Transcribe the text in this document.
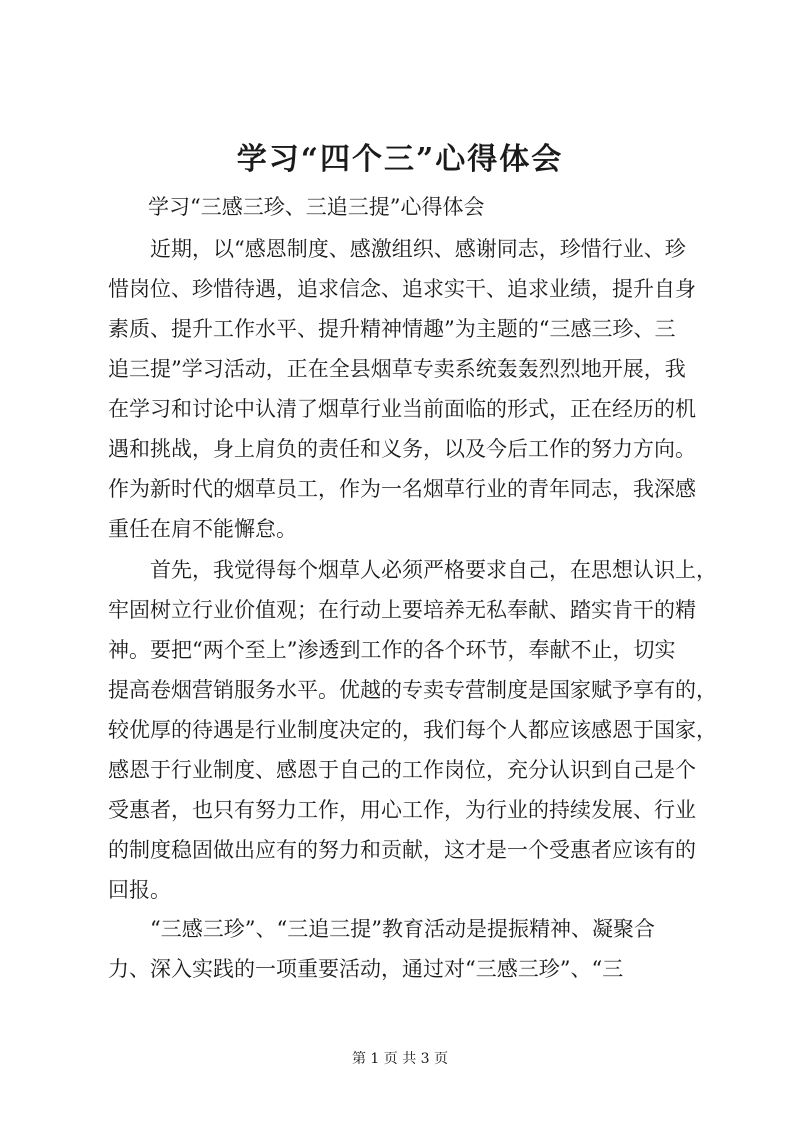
学习“四个三”心得体会
学习“三感三珍、三追三提”心得体会
　　近期，以“感恩制度、感激组织、感谢同志，珍惜行业、珍
惜岗位、珍惜待遇，追求信念、追求实干、追求业绩，提升自身
素质、提升工作水平、提升精神情趣”为主题的“三感三珍、三
追三提”学习活动，正在全县烟草专卖系统轰轰烈烈地开展，我
在学习和讨论中认清了烟草行业当前面临的形式，正在经历的机
遇和挑战，身上肩负的责任和义务，以及今后工作的努力方向。
作为新时代的烟草员工，作为一名烟草行业的青年同志，我深感
重任在肩不能懈怠。
　　首先，我觉得每个烟草人必须严格要求自己，在思想认识上，
牢固树立行业价值观；在行动上要培养无私奉献、踏实肯干的精
神。要把“两个至上”渗透到工作的各个环节，奉献不止，切实
提高卷烟营销服务水平。优越的专卖专营制度是国家赋予享有的，
较优厚的待遇是行业制度决定的，我们每个人都应该感恩于国家，
感恩于行业制度、感恩于自己的工作岗位，充分认识到自己是个
受惠者，也只有努力工作，用心工作，为行业的持续发展、行业
的制度稳固做出应有的努力和贡献，这才是一个受惠者应该有的
回报。
　　“三感三珍”、“三追三提”教育活动是提振精神、凝聚合
力、深入实践的一项重要活动，通过对“三感三珍”、“三
第 1 页 共 3 页
